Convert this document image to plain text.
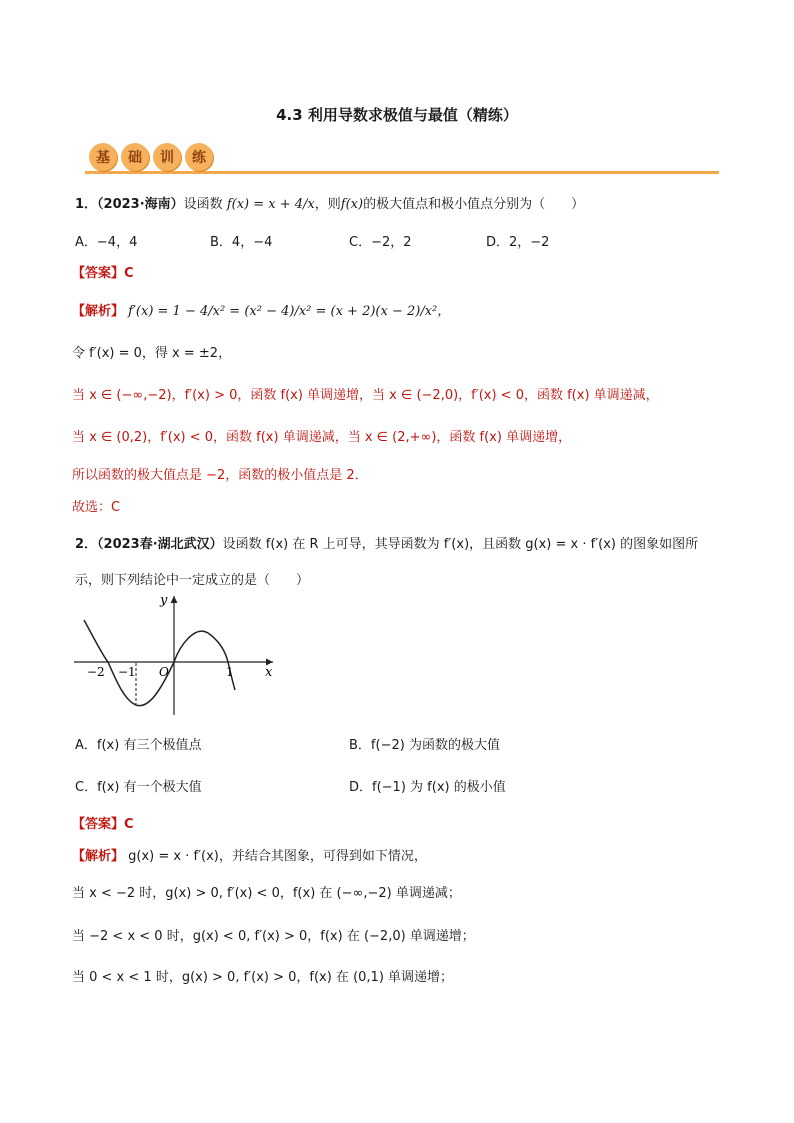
4.3 利用导数求极值与最值（精练）
基	础	训	练
1．（2023·海南）设函数 f(x) = x + 4/x，则f(x)的极大值点和极小值点分别为（　　）
A．−4，4	B．4，−4	C．−2，2	D．2，−2
【答案】C
【解析】 f′(x) = 1 − 4/x² = (x² − 4)/x² = (x + 2)(x − 2)/x²，
令 f′(x) = 0，得 x = ±2，
当 x ∈ (−∞,−2)，f′(x) > 0，函数 f(x) 单调递增，当 x ∈ (−2,0)，f′(x) < 0，函数 f(x) 单调递减，
当 x ∈ (0,2)，f′(x) < 0，函数 f(x) 单调递减，当 x ∈ (2,+∞)，函数 f(x) 单调递增，
所以函数的极大值点是 −2，函数的极小值点是 2．
故选：C
2．（2023春·湖北武汉）设函数 f(x) 在 R 上可导，其导函数为 f′(x)，且函数 g(x) = x · f′(x) 的图象如图所
示，则下列结论中一定成立的是（　　）
−2 −1 O	1 x
y
A．f(x) 有三个极值点	B．f(−2) 为函数的极大值
C．f(x) 有一个极大值	D．f(−1) 为 f(x) 的极小值
【答案】C
【解析】 g(x) = x · f′(x)，并结合其图象，可得到如下情况，
当 x < −2 时，g(x) > 0, f′(x) < 0，f(x) 在 (−∞,−2) 单调递减；
当 −2 < x < 0 时，g(x) < 0, f′(x) > 0，f(x) 在 (−2,0) 单调递增；
当 0 < x < 1 时，g(x) > 0, f′(x) > 0，f(x) 在 (0,1) 单调递增；
